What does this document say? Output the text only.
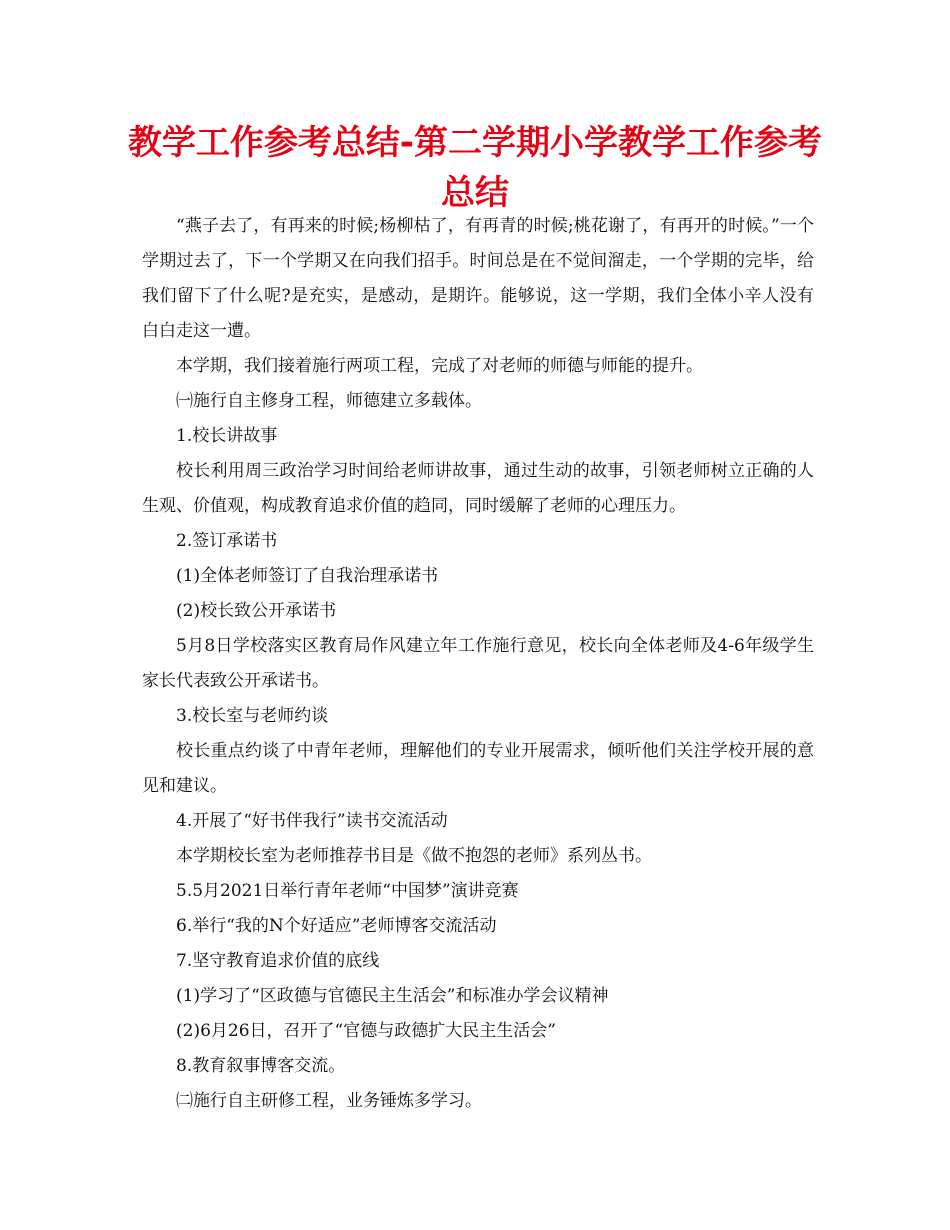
教学工作参考总结-第二学期小学教学工作参考总结

“燕子去了，有再来的时候;杨柳枯了，有再青的时候;桃花谢了，有再开的时候。”一个学期过去了，下一个学期又在向我们招手。时间总是在不觉间溜走，一个学期的完毕，给我们留下了什么呢?是充实，是感动，是期许。能够说，这一学期，我们全体小辛人没有白白走这一遭。

本学期，我们接着施行两项工程，完成了对老师的师德与师能的提升。

㈠施行自主修身工程，师德建立多载体。

1.校长讲故事

校长利用周三政治学习时间给老师讲故事，通过生动的故事，引领老师树立正确的人生观、价值观，构成教育追求价值的趋同，同时缓解了老师的心理压力。

2.签订承诺书

(1)全体老师签订了自我治理承诺书

(2)校长致公开承诺书

5月8日学校落实区教育局作风建立年工作施行意见，校长向全体老师及4-6年级学生家长代表致公开承诺书。

3.校长室与老师约谈

校长重点约谈了中青年老师，理解他们的专业开展需求，倾听他们关注学校开展的意见和建议。

4.开展了“好书伴我行”读书交流活动

本学期校长室为老师推荐书目是《做不抱怨的老师》系列丛书。

5.5月2021日举行青年老师“中国梦”演讲竞赛

6.举行“我的N个好适应”老师博客交流活动

7.坚守教育追求价值的底线

(1)学习了“区政德与官德民主生活会”和标准办学会议精神

(2)6月26日，召开了“官德与政德扩大民主生活会”

8.教育叙事博客交流。

㈡施行自主研修工程，业务锤炼多学习。
